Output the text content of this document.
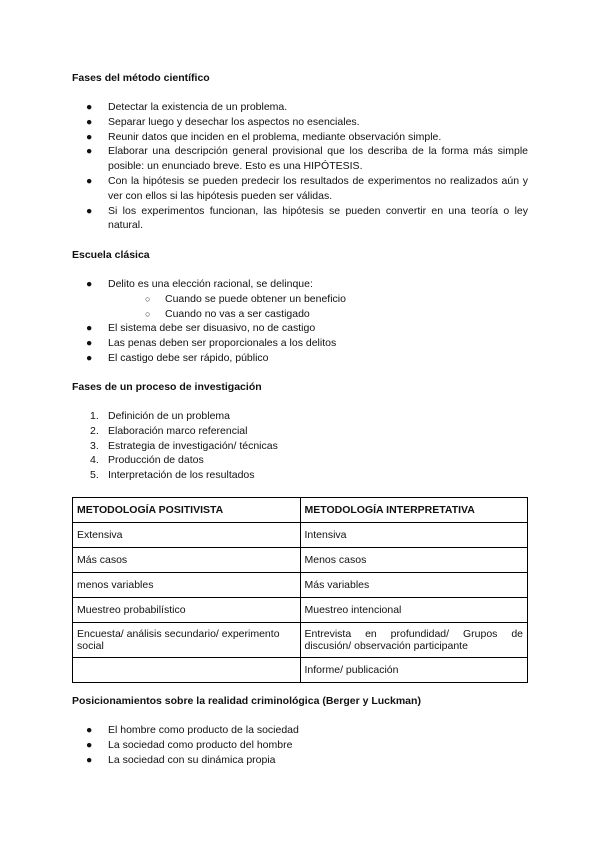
Fases del método científico

●	Detectar la existencia de un problema.
●	Separar luego y desechar los aspectos no esenciales.
●	Reunir datos que inciden en el problema, mediante observación simple.
●	Elaborar una descripción general provisional que los describa de la forma más simple posible: un enunciado breve. Esto es una HIPÓTESIS.
●	Con la hipótesis se pueden predecir los resultados de experimentos no realizados aún y ver con ellos si las hipótesis pueden ser válidas.
●	Si los experimentos funcionan, las hipótesis se pueden convertir en una teoría o ley natural.

Escuela clásica

●	Delito es una elección racional, se delinque:
○	Cuando se puede obtener un beneficio
○	Cuando no vas a ser castigado
●	El sistema debe ser disuasivo, no de castigo
●	Las penas deben ser proporcionales a los delitos
●	El castigo debe ser rápido, público

Fases de un proceso de investigación

1. Definición de un problema
2. Elaboración marco referencial
3. Estrategia de investigación/ técnicas
4. Producción de datos
5. Interpretación de los resultados
METODOLOGÍA POSITIVISTA	METODOLOGÍA INTERPRETATIVA
Extensiva	Intensiva
Más casos	Menos casos
menos variables	Más variables
Muestreo probabilístico	Muestreo intencional
Encuesta/ análisis secundario/ experimento social	Entrevista en profundidad/ Grupos de discusión/ observación participante
	Informe/ publicación

Posicionamientos sobre la realidad criminológica (Berger y Luckman)

●	El hombre como producto de la sociedad
●	La sociedad como producto del hombre
●	La sociedad con su dinámica propia
